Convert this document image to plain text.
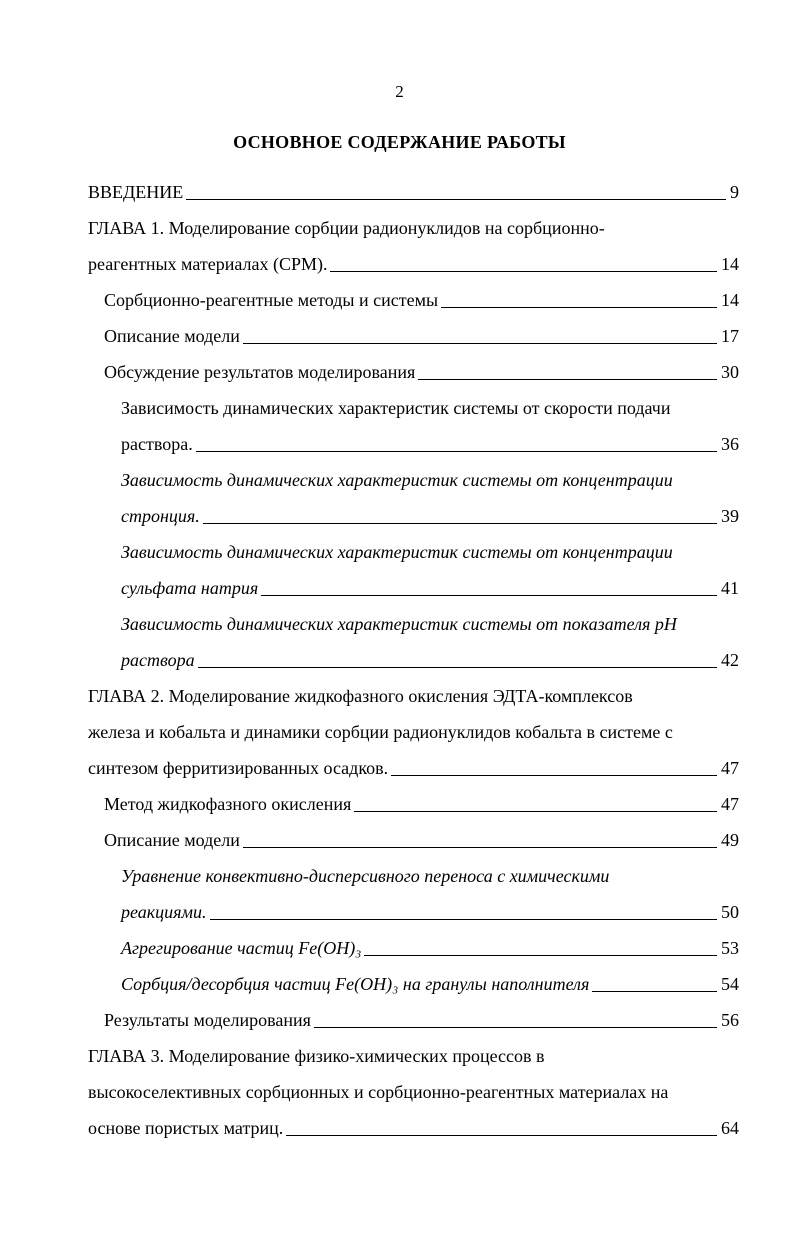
2
ОСНОВНОЕ СОДЕРЖАНИЕ РАБОТЫ
ВВЕДЕНИЕ	9
ГЛАВА 1. Моделирование сорбции радионуклидов на сорбционно-
реагентных материалах (СРМ).	14
Сорбционно-реагентные методы и системы	14
Описание модели	17
Обсуждение результатов моделирования	30
Зависимость динамических характеристик системы от скорости подачи
раствора.	36
Зависимость динамических характеристик системы от концентрации
стронция.	39
Зависимость динамических характеристик системы от концентрации
сульфата натрия	41
Зависимость динамических характеристик системы от показателя pH
раствора	42
ГЛАВА 2. Моделирование жидкофазного окисления ЭДТА-комплексов
железа и кобальта и динамики сорбции радионуклидов кобальта в системе с
синтезом ферритизированных осадков.	47
Метод жидкофазного окисления	47
Описание модели	49
Уравнение конвективно-дисперсивного переноса с химическими
реакциями.	50
Агрегирование частиц Fe(OH)₃	53
Сорбция/десорбция частиц Fe(OH)₃ на гранулы наполнителя	54
Результаты моделирования	56
ГЛАВА 3. Моделирование физико-химических процессов в
высокоселективных сорбционных и сорбционно-реагентных материалах на
основе пористых матриц.	64
